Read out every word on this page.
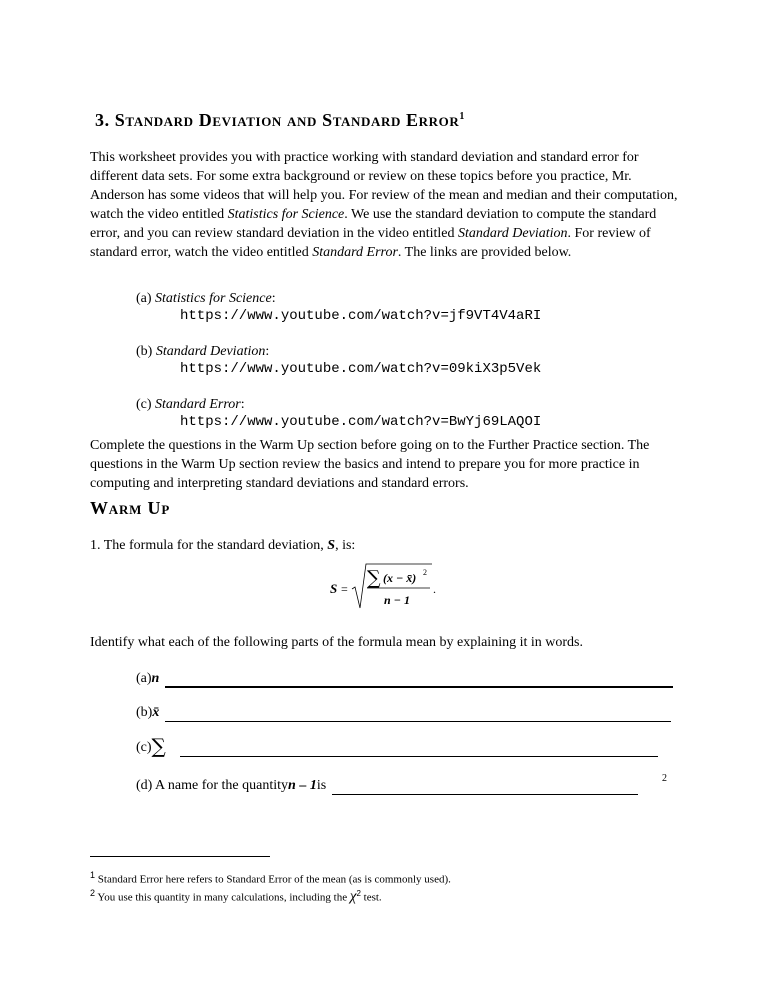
3. Standard Deviation and Standard Error$^1$
This worksheet provides you with practice working with standard deviation and standard error for different data sets. For some extra background or review on these topics before you practice, Mr. Anderson has some videos that will help you. For review of the mean and median and their computation, watch the video entitled Statistics for Science. We use the standard deviation to compute the standard error, and you can review standard deviation in the video entitled Standard Deviation. For review of standard error, watch the video entitled Standard Error. The links are provided below.
(a) Statistics for Science:
https://www.youtube.com/watch?v=jf9VT4V4aRI
(b) Standard Deviation:
https://www.youtube.com/watch?v=09kiX3p5Vek
(c) Standard Error:
https://www.youtube.com/watch?v=BwYj69LAQOI
Complete the questions in the Warm Up section before going on to the Further Practice section. The questions in the Warm Up section review the basics and intend to prepare you for more practice in computing and interpreting standard deviations and standard errors.
Warm Up
1. The formula for the standard deviation, S, is:
S = ∑ (x − x̄) 2
n − 1
.
Identify what each of the following parts of the formula mean by explaining it in words.
(a) n
(b) x̄
(c) ∑
(d) A name for the quantity n – 1 is	2
$^1$ Standard Error here refers to Standard Error of the mean (as is commonly used).
$^2$ You use this quantity in many calculations, including the $\chi^2$ test.
